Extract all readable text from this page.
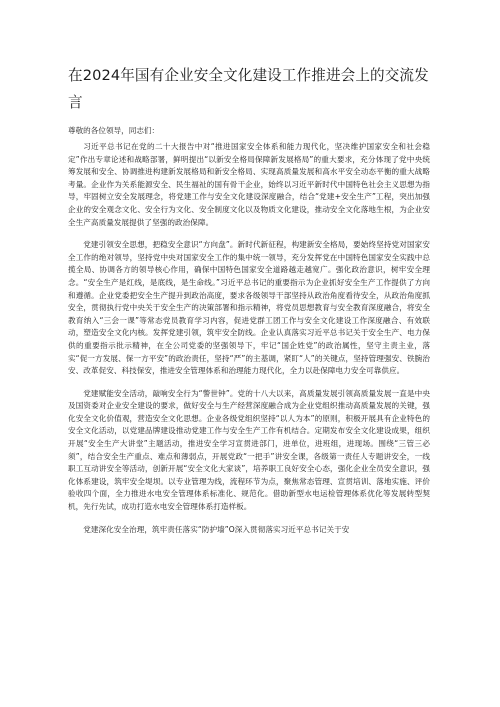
在2024年国有企业安全文化建设工作推进会上的交流发言

尊敬的各位领导，同志们：

习近平总书记在党的二十大报告中对“推进国家安全体系和能力现代化，坚决维护国家安全和社会稳定”作出专章论述和战略部署，鲜明提出“以新安全格局保障新发展格局”的重大要求，充分体现了党中央统筹发展和安全、协调推进构建新发展格局和新安全格局、实现高质量发展和高水平安全动态平衡的重大战略考量。企业作为关系能源安全、民生福祉的国有骨干企业，始终以习近平新时代中国特色社会主义思想为指导，牢固树立安全发展理念，将党建工作与安全文化建设深度融合，结合“党建+安全生产”工程，突出加强企业的安全观念文化、安全行为文化、安全制度文化以及物质文化建设，推动安全文化落地生根，为企业安全生产高质量发展提供了坚强的政治保障。

党建引领安全思想，把稳安全意识“方向盘”。新时代新征程，构建新安全格局，要始终坚持党对国家安全工作的绝对领导，坚持党中央对国家安全工作的集中统一领导，充分发挥党在中国特色国家安全实践中总揽全局、协调各方的领导核心作用，确保中国特色国家安全道路越走越宽广。强化政治意识，树牢安全理念。“安全生产是红线，是底线，是生命线。”习近平总书记的重要指示为企业抓好安全生产工作提供了方向和遵循。企业党委把安全生产提升到政治高度，要求各级领导干部坚持从政治角度看待安全，从政治角度抓安全，贯彻执行党中央关于安全生产的决策部署和指示精神，将党员思想教育与安全教育深度融合，将安全教育纳入“三会一课”等常态党员教育学习内容，促进党群工团工作与安全文化建设工作深度融合、有效联动，塑造安全文化内核。发挥党建引领，筑牢安全防线。企业认真落实习近平总书记关于安全生产、电力保供的重要指示批示精神，在全公司党委的坚强领导下，牢记“国企姓党”的政治属性，坚守主责主业，落实“促一方发展、保一方平安”的政治责任，坚持“严”的主基调，紧盯“人”的关键点，坚持管理强安、铁腕治安、改革促安、科技保安，推进安全管理体系和治理能力现代化，全力以赴保障电力安全可靠供应。

党建赋能安全活动，敲响安全行为“警世钟”。党的十八大以来，高质量发展引领高质量发展一直是中央及国资委对企业安全建设的要求，做好安全与生产经营深度融合成为企业党组织推动高质量发展的关键，强化安全文化价值观，营造安全文化思想。企业各级党组织坚持“以人为本”的原则，积极开展具有企业特色的安全文化活动，以党建品牌建设推动党建工作与安全生产工作有机结合。定期发布安全文化建设成果，组织开展“安全生产大讲堂”主题活动，推进安全学习宣贯进部门，进单位，进班组，进现场。围绕“三管三必须”，结合安全生产重点、难点和薄弱点，开展党政“一把手”讲安全课，各级第一责任人专题讲安全，一线职工互动讲安全等活动，创新开展“安全文化大家谈”，培养职工良好安全心态，强化企业全员安全意识，强化体系建设，筑牢安全堤坝。以专业管理为线，流程环节为点，聚焦常态管理、宣贯培训、落地实施、评价验收四个面，全力推进水电安全管理体系标准化、规范化。借助新型水电运检管理体系优化等发展转型契机，先行先试，成功打造水电安全管理体系打造样板。

党建深化安全治理，筑牢责任落实“防护墙”O深入贯彻落实习近平总书记关于安
